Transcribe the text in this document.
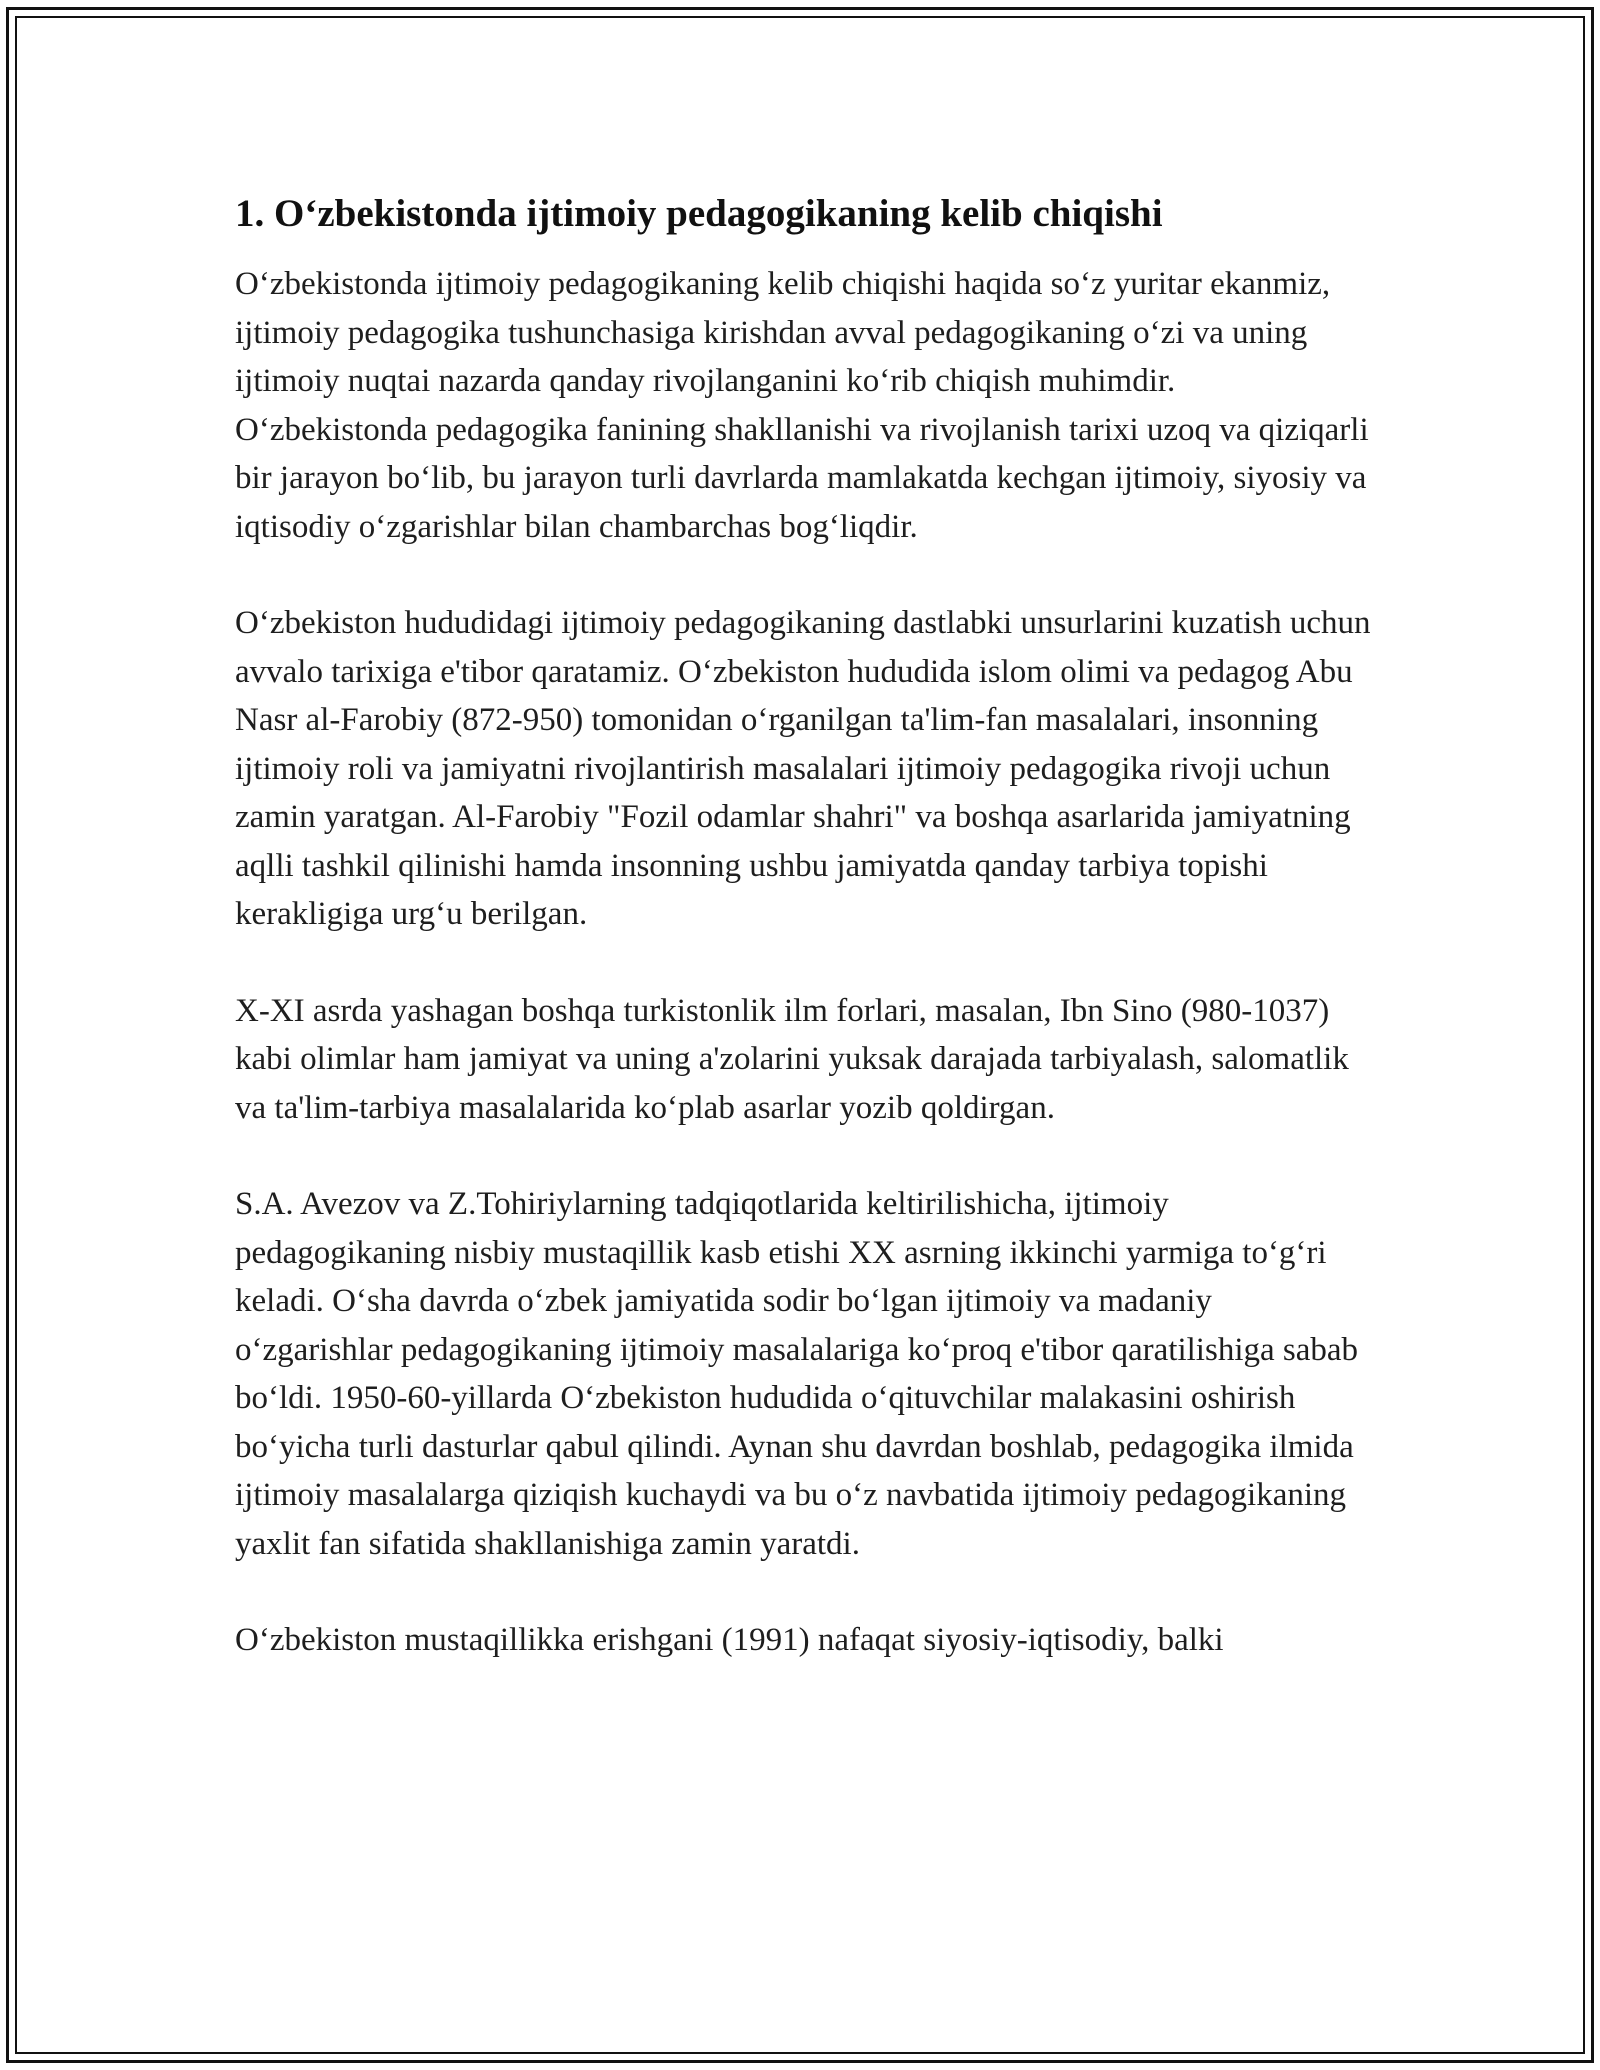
1. O‘zbekistonda ijtimoiy pedagogikaning kelib chiqishi

O‘zbekistonda ijtimoiy pedagogikaning kelib chiqishi haqida so‘z yuritar ekanmiz, ijtimoiy pedagogika tushunchasiga kirishdan avval pedagogikaning o‘zi va uning ijtimoiy nuqtai nazarda qanday rivojlanganini ko‘rib chiqish muhimdir. O‘zbekistonda pedagogika fanining shakllanishi va rivojlanish tarixi uzoq va qiziqarli bir jarayon bo‘lib, bu jarayon turli davrlarda mamlakatda kechgan ijtimoiy, siyosiy va iqtisodiy o‘zgarishlar bilan chambarchas bog‘liqdir.

O‘zbekiston hududidagi ijtimoiy pedagogikaning dastlabki unsurlarini kuzatish uchun avvalo tarixiga e'tibor qaratamiz. O‘zbekiston hududida islom olimi va pedagog Abu Nasr al-Farobiy (872-950) tomonidan o‘rganilgan ta'lim-fan masalalari, insonning ijtimoiy roli va jamiyatni rivojlantirish masalalari ijtimoiy pedagogika rivoji uchun zamin yaratgan. Al-Farobiy "Fozil odamlar shahri" va boshqa asarlarida jamiyatning aqlli tashkil qilinishi hamda insonning ushbu jamiyatda qanday tarbiya topishi kerakligiga urg‘u berilgan.

X-XI asrda yashagan boshqa turkistonlik ilm forlari, masalan, Ibn Sino (980-1037) kabi olimlar ham jamiyat va uning a'zolarini yuksak darajada tarbiyalash, salomatlik va ta'lim-tarbiya masalalarida ko‘plab asarlar yozib qoldirgan.

S.A. Avezov va Z.Tohiriylarning tadqiqotlarida keltirilishicha, ijtimoiy pedagogikaning nisbiy mustaqillik kasb etishi XX asrning ikkinchi yarmiga to‘g‘ri keladi. O‘sha davrda o‘zbek jamiyatida sodir bo‘lgan ijtimoiy va madaniy o‘zgarishlar pedagogikaning ijtimoiy masalalariga ko‘proq e'tibor qaratilishiga sabab bo‘ldi. 1950-60-yillarda O‘zbekiston hududida o‘qituvchilar malakasini oshirish bo‘yicha turli dasturlar qabul qilindi. Aynan shu davrdan boshlab, pedagogika ilmida ijtimoiy masalalarga qiziqish kuchaydi va bu o‘z navbatida ijtimoiy pedagogikaning yaxlit fan sifatida shakllanishiga zamin yaratdi.

O‘zbekiston mustaqillikka erishgani (1991) nafaqat siyosiy-iqtisodiy, balki
